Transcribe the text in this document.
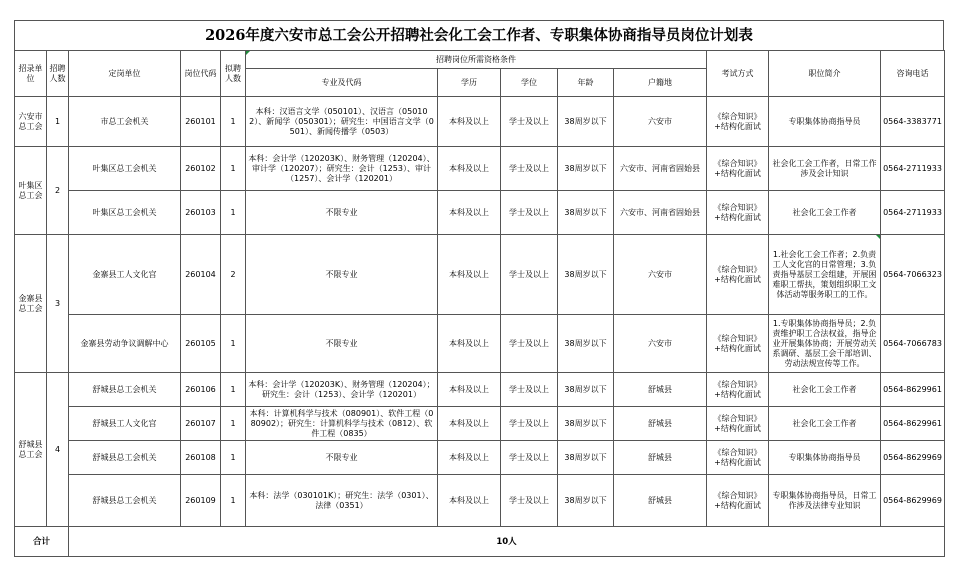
2026年度六安市总工会公开招聘社会化工会工作者、专职集体协商指导员岗位计划表
招录单位	招聘人数	定岗单位	岗位代码	拟聘人数	招聘岗位所需资格条件					考试方式	职位简介	咨询电话
					专业及代码	学历	学位	年龄	户籍地			
六安市总工会	1	市总工会机关	260101	1	本科：汉语言文学（050101）、汉语言（050102）、新闻学（050301）；研究生：中国语言文学（0501）、新闻传播学（0503）	本科及以上	学士及以上	38周岁以下	六安市	《综合知识》+结构化面试	专职集体协商指导员	0564-3383771
叶集区总工会	2	叶集区总工会机关	260102	1	本科：会计学（120203K）、财务管理（120204）、审计学（120207）；研究生：会计（1253）、审计（1257）、会计学（120201）	本科及以上	学士及以上	38周岁以下	六安市、河南省固始县	《综合知识》+结构化面试	社会化工会工作者，日常工作涉及会计知识	0564-2711933
		叶集区总工会机关	260103	1	不限专业	本科及以上	学士及以上	38周岁以下	六安市、河南省固始县	《综合知识》+结构化面试	社会化工会工作者	0564-2711933
金寨县总工会	3	金寨县工人文化宫	260104	2	不限专业	本科及以上	学士及以上	38周岁以下	六安市	《综合知识》+结构化面试	1.社会化工会工作者；2.负责工人文化宫的日常管理；3.负责指导基层工会组建，开展困难职工帮扶，策划组织职工文体活动等服务职工的工作。	0564-7066323
		金寨县劳动争议调解中心	260105	1	不限专业	本科及以上	学士及以上	38周岁以下	六安市	《综合知识》+结构化面试	1.专职集体协商指导员；2.负责维护职工合法权益，指导企业开展集体协商；开展劳动关系调研、基层工会干部培训、劳动法规宣传等工作。	0564-7066783
舒城县总工会	4	舒城县总工会机关	260106	1	本科：会计学（120203K）、财务管理（120204）；研究生：会计（1253）、会计学（120201）	本科及以上	学士及以上	38周岁以下	舒城县	《综合知识》+结构化面试	社会化工会工作者	0564-8629961
		舒城县工人文化宫	260107	1	本科：计算机科学与技术（080901）、软件工程（080902）；研究生：计算机科学与技术（0812）、软件工程（0835）	本科及以上	学士及以上	38周岁以下	舒城县	《综合知识》+结构化面试	社会化工会工作者	0564-8629961
		舒城县总工会机关	260108	1	不限专业	本科及以上	学士及以上	38周岁以下	舒城县	《综合知识》+结构化面试	专职集体协商指导员	0564-8629969
		舒城县总工会机关	260109	1	本科：法学（030101K）；研究生：法学（0301）、法律（0351）	本科及以上	学士及以上	38周岁以下	舒城县	《综合知识》+结构化面试	专职集体协商指导员，日常工作涉及法律专业知识	0564-8629969
合计		10人										
